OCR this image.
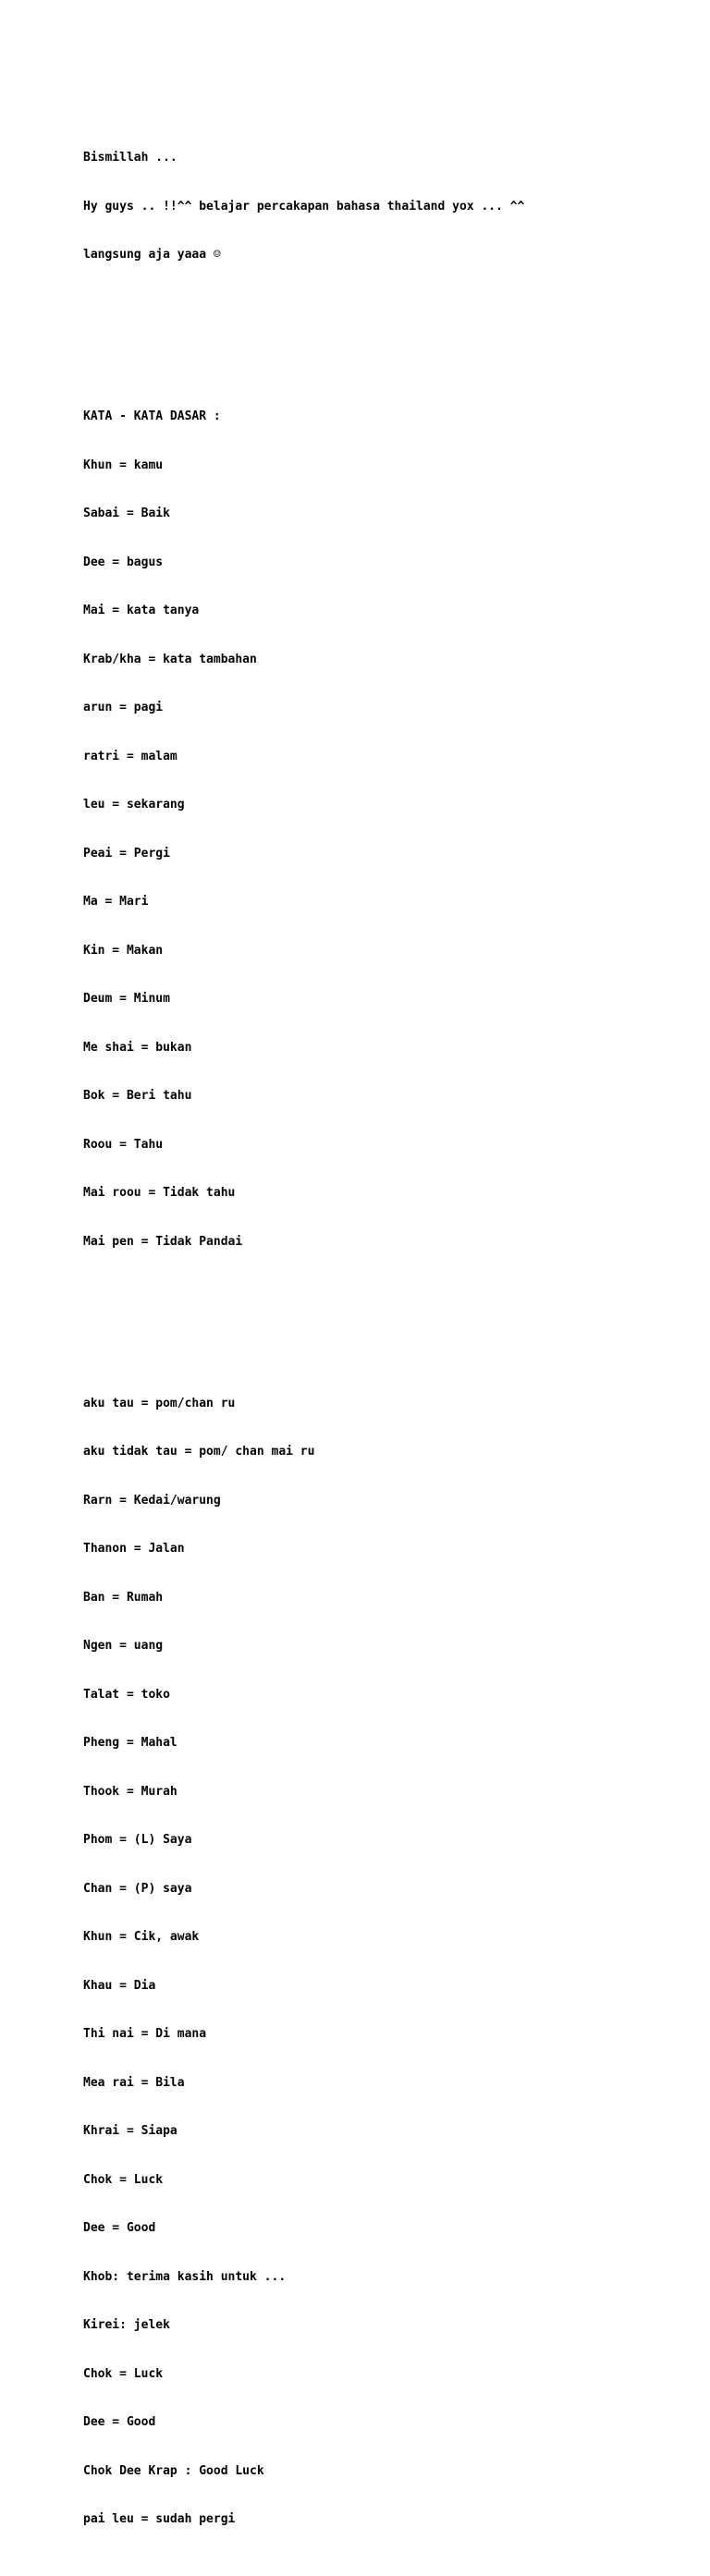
Bismillah ...

Hy guys .. !!^^ belajar percakapan bahasa thailand yox ... ^^

langsung aja yaaa ☺

KATA - KATA DASAR :

Khun = kamu

Sabai = Baik

Dee = bagus

Mai = kata tanya

Krab/kha = kata tambahan

arun = pagi

ratri = malam

leu = sekarang

Peai = Pergi

Ma = Mari

Kin = Makan

Deum = Minum

Me shai = bukan

Bok = Beri tahu

Roou = Tahu

Mai roou = Tidak tahu

Mai pen = Tidak Pandai

aku tau = pom/chan ru

aku tidak tau = pom/ chan mai ru

Rarn = Kedai/warung

Thanon = Jalan

Ban = Rumah

Ngen = uang

Talat = toko

Pheng = Mahal

Thook = Murah

Phom = (L) Saya

Chan = (P) saya

Khun = Cik, awak

Khau = Dia

Thi nai = Di mana

Mea rai = Bila

Khrai = Siapa

Chok = Luck

Dee = Good

Khob: terima kasih untuk ...

Kirei: jelek

Chok = Luck

Dee = Good

Chok Dee Krap : Good Luck

pai leu = sudah pergi
